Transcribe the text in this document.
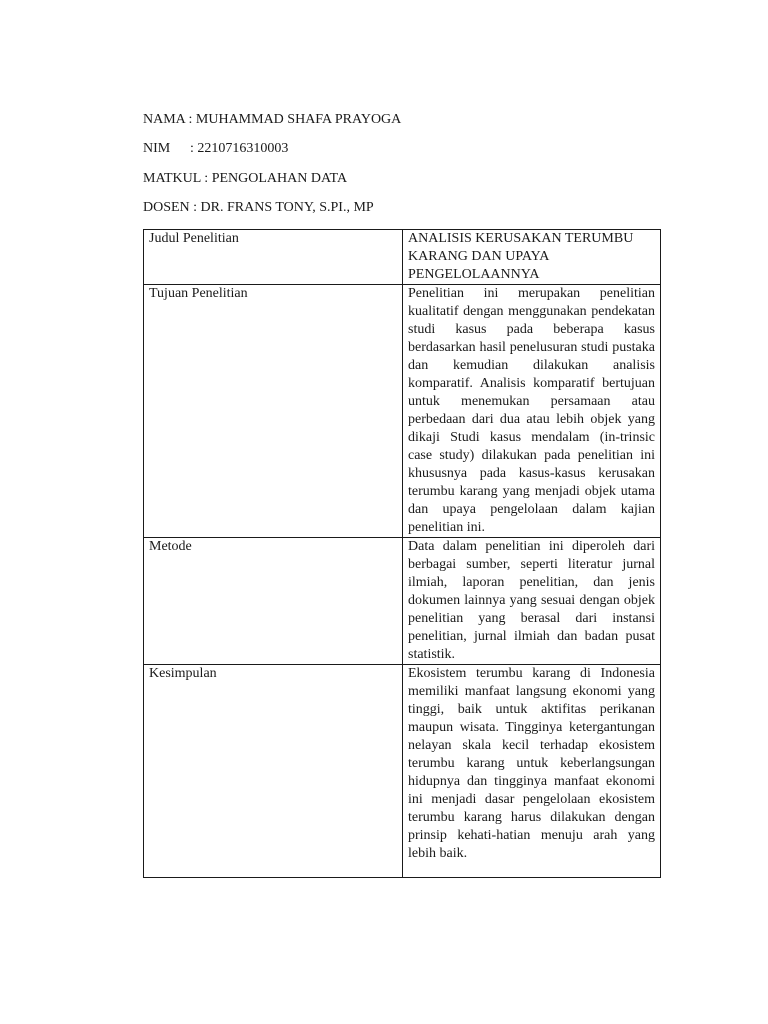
NAMA : MUHAMMAD SHAFA PRAYOGA
NIM : 2210716310003
MATKUL : PENGOLAHAN DATA
DOSEN : DR. FRANS TONY, S.PI., MP
Judul Penelitian	ANALISIS KERUSAKAN TERUMBU KARANG DAN UPAYA PENGELOLAANNYA
Tujuan Penelitian	Penelitian ini merupakan penelitian kualitatif dengan menggunakan pendekatan studi kasus pada beberapa kasus berdasarkan hasil penelusuran studi pustaka dan kemudian dilakukan analisis komparatif. Analisis komparatif bertujuan untuk menemukan persamaan atau perbedaan dari dua atau lebih objek yang dikaji Studi kasus mendalam (in-trinsic case study) dilakukan pada penelitian ini khususnya pada kasus-kasus kerusakan terumbu karang yang menjadi objek utama dan upaya pengelolaan dalam kajian penelitian ini.
Metode	Data dalam penelitian ini diperoleh dari berbagai sumber, seperti literatur jurnal ilmiah, laporan penelitian, dan jenis dokumen lainnya yang sesuai dengan objek penelitian yang berasal dari instansi penelitian, jurnal ilmiah dan badan pusat statistik.
Kesimpulan	Ekosistem terumbu karang di Indonesia memiliki manfaat langsung ekonomi yang tinggi, baik untuk aktifitas perikanan maupun wisata. Tingginya ketergantungan nelayan skala kecil terhadap ekosistem terumbu karang untuk keberlangsungan hidupnya dan tingginya manfaat ekonomi ini menjadi dasar pengelolaan ekosistem terumbu karang harus dilakukan dengan prinsip kehati-hatian menuju arah yang lebih baik.
